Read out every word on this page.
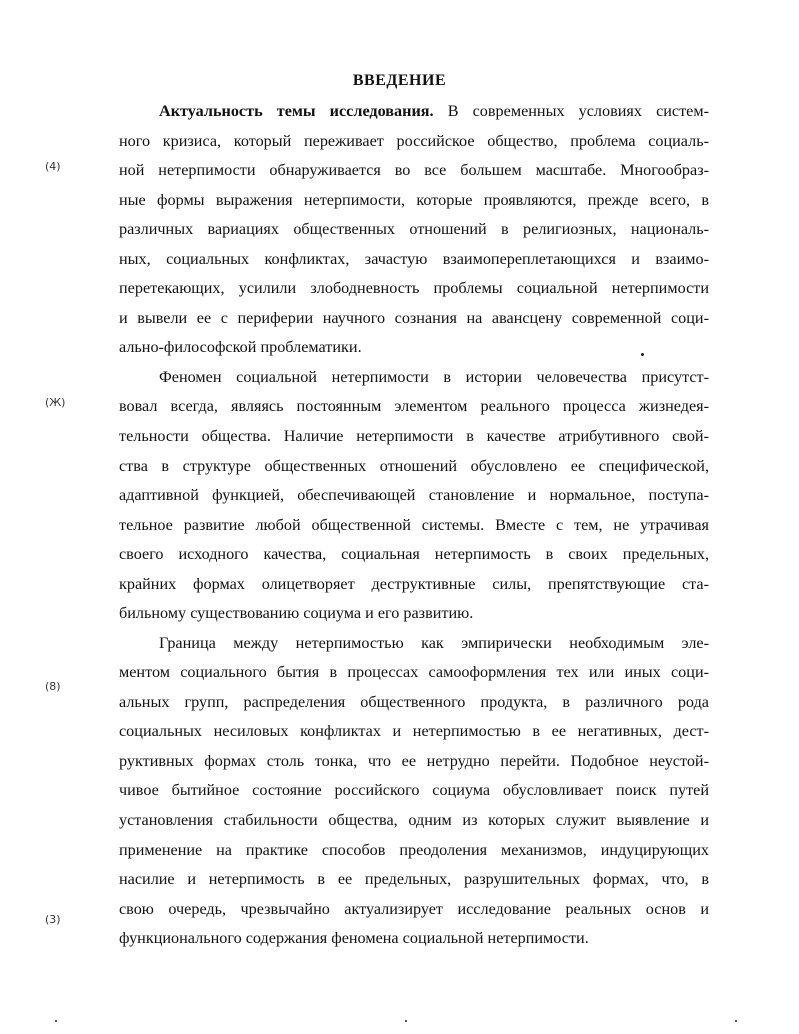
ВВЕДЕНИЕ
Актуальность темы исследования. В современных условиях систем-
ного кризиса, который переживает российское общество, проблема социаль-
ной нетерпимости обнаруживается во все большем масштабе. Многообраз-
ные формы выражения нетерпимости, которые проявляются, прежде всего, в
различных вариациях общественных отношений в религиозных, националь-
ных, социальных конфликтах, зачастую взаимопереплетающихся и взаимо-
перетекающих, усилили злободневность проблемы социальной нетерпимости
и вывели ее с периферии научного сознания на авансцену современной соци-
ально-философской проблематики.
Феномен социальной нетерпимости в истории человечества присутст-
вовал всегда, являясь постоянным элементом реального процесса жизнедея-
тельности общества. Наличие нетерпимости в качестве атрибутивного свой-
ства в структуре общественных отношений обусловлено ее специфической,
адаптивной функцией, обеспечивающей становление и нормальное, поступа-
тельное развитие любой общественной системы. Вместе с тем, не утрачивая
своего исходного качества, социальная нетерпимость в своих предельных,
крайних формах олицетворяет деструктивные силы, препятствующие ста-
бильному существованию социума и его развитию.
Граница между нетерпимостью как эмпирически необходимым эле-
ментом социального бытия в процессах самооформления тех или иных соци-
альных групп, распределения общественного продукта, в различного рода
социальных несиловых конфликтах и нетерпимостью в ее негативных, дест-
руктивных формах столь тонка, что ее нетрудно перейти. Подобное неустой-
чивое бытийное состояние российского социума обусловливает поиск путей
установления стабильности общества, одним из которых служит выявление и
применение на практике способов преодоления механизмов, индуцирующих
насилие и нетерпимость в ее предельных, разрушительных формах, что, в
свою очередь, чрезвычайно актуализирует исследование реальных основ и
функционального содержания феномена социальной нетерпимости.
(4)
(Ж)
(8)
(3)
